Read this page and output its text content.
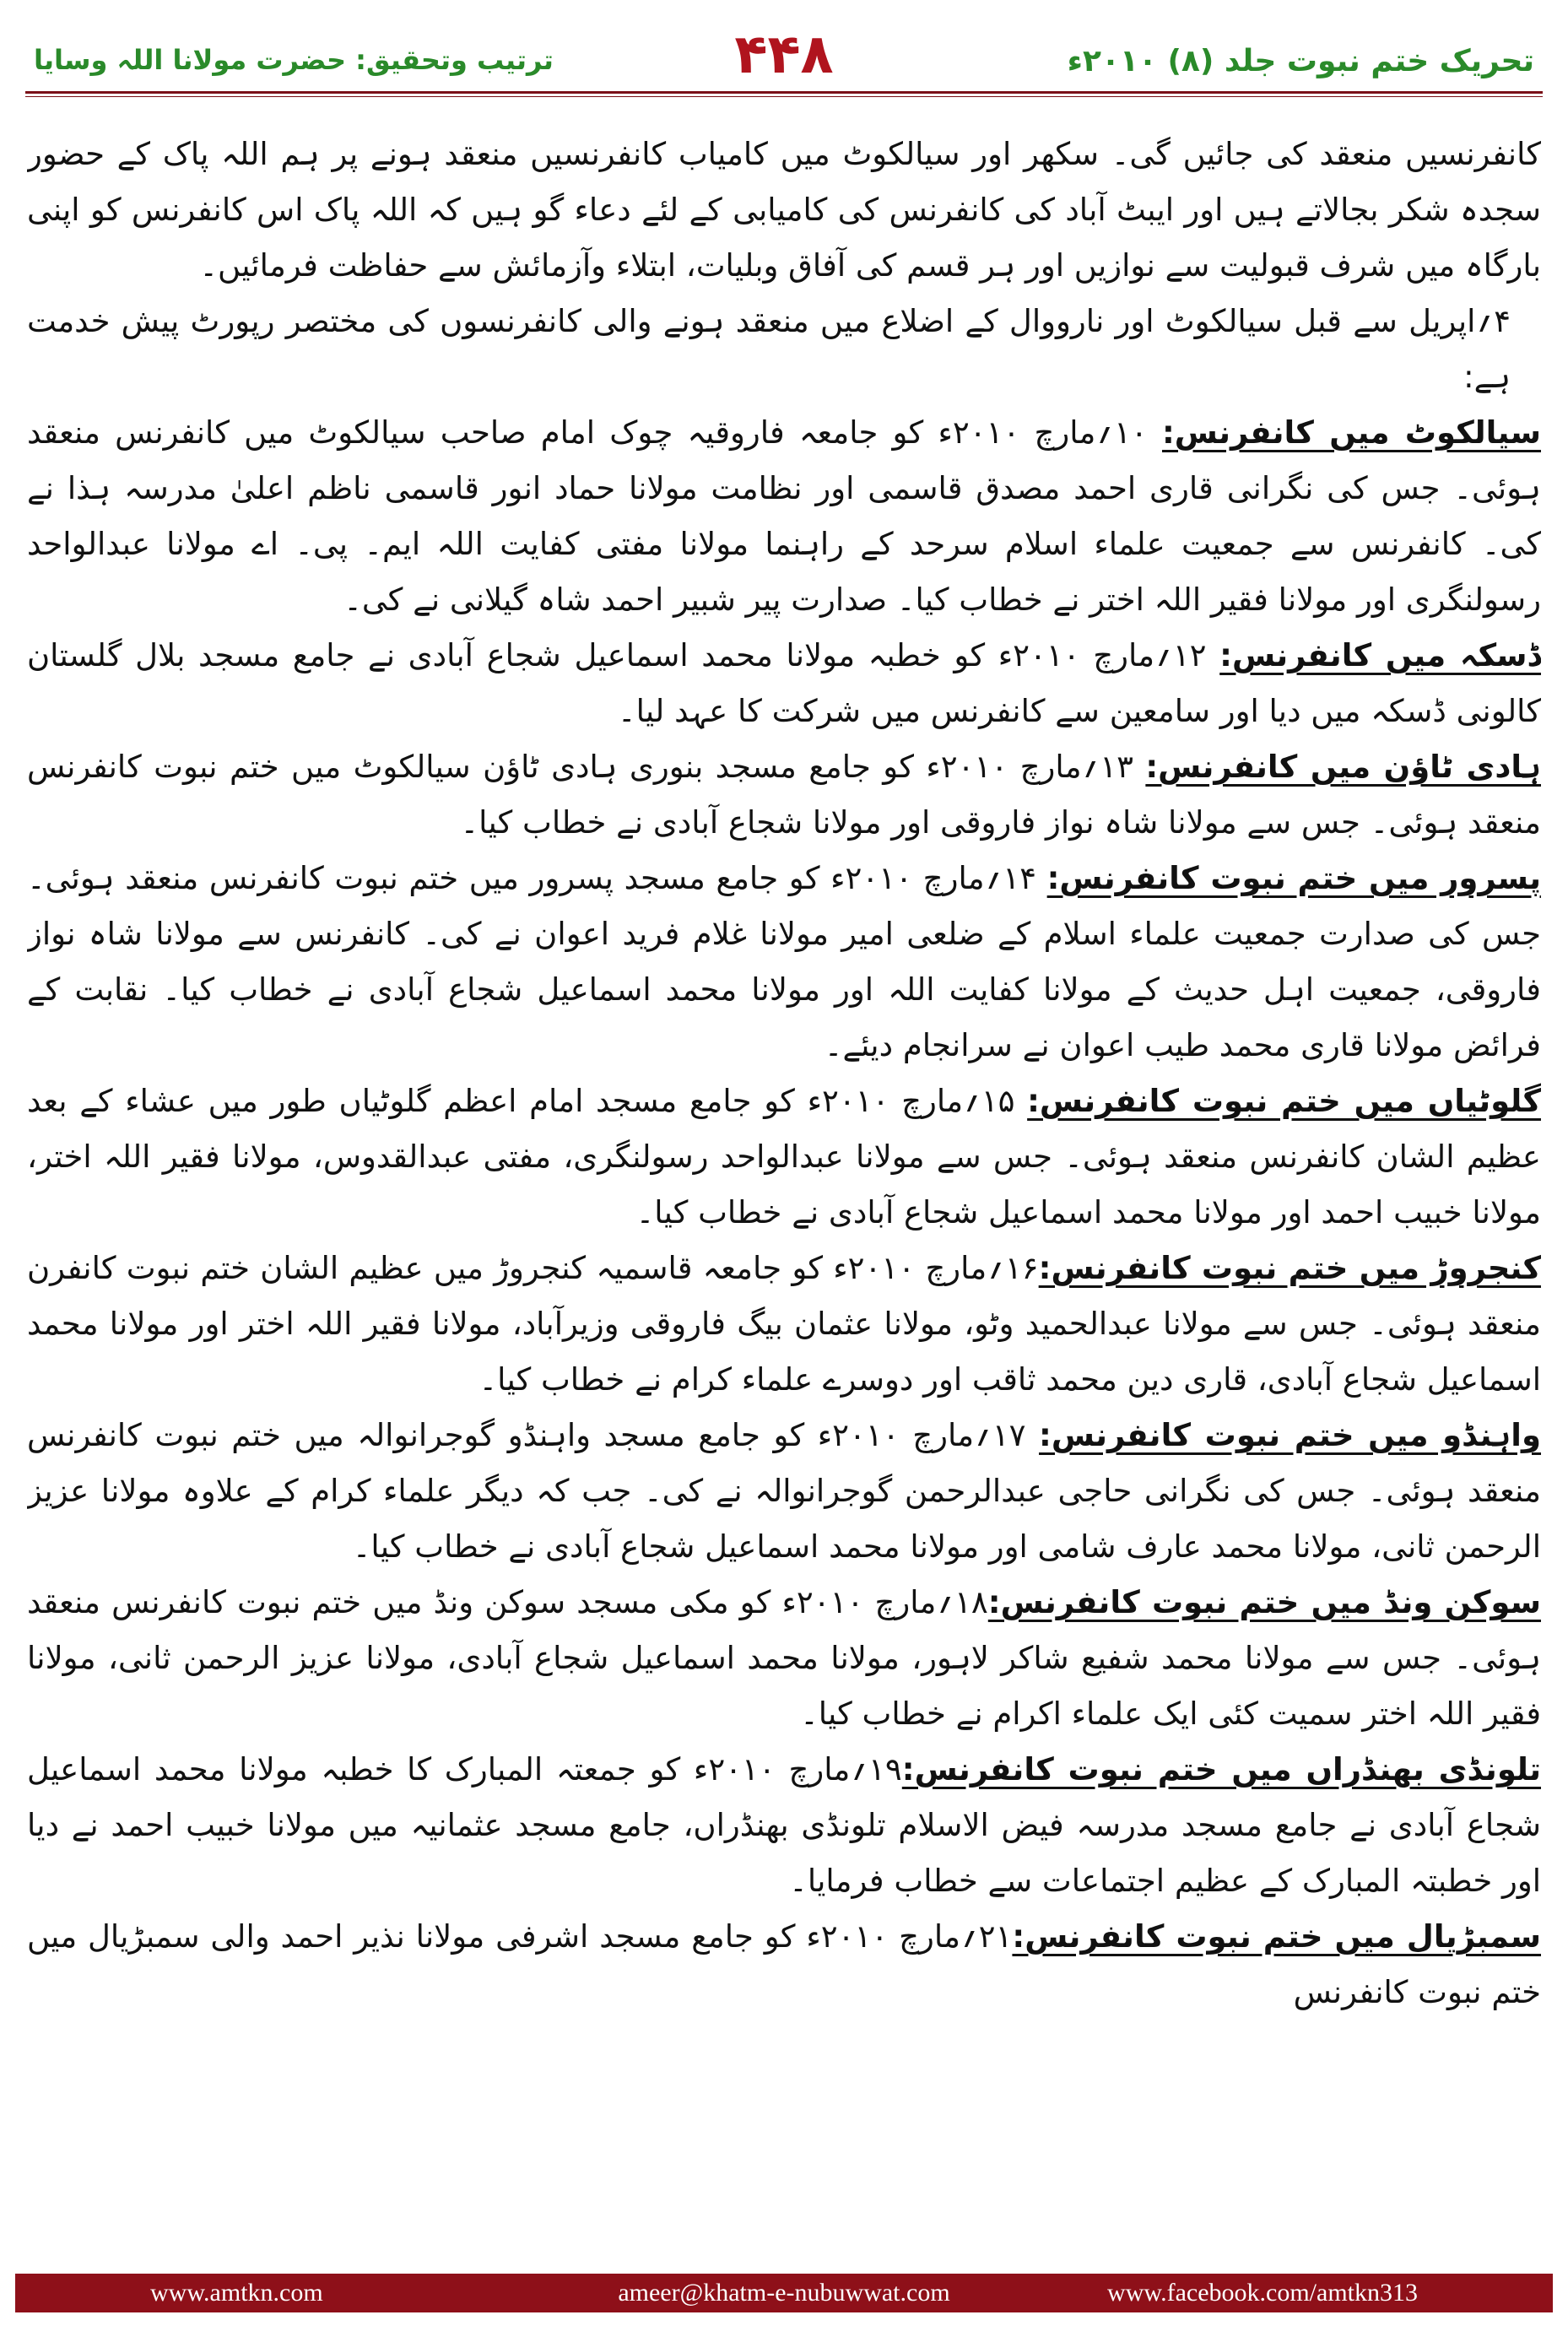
تحریک ختم نبوت جلد (۸) ۲۰۱۰ء
۴۴۸
ترتیب وتحقیق: حضرت مولانا اللہ وسایا

کانفرنسیں منعقد کی جائیں گی۔ سکھر اور سیالکوٹ میں کامیاب کانفرنسیں منعقد ہونے پر ہم اللہ پاک کے حضور سجدہ شکر بجالاتے ہیں اور ایبٹ آباد کی کانفرنس کی کامیابی کے لئے دعاء گو ہیں کہ اللہ پاک اس کانفرنس کو اپنی بارگاہ میں شرف قبولیت سے نوازیں اور ہر قسم کی آفاق وبلیات، ابتلاء وآزمائش سے حفاظت فرمائیں۔

۴؍اپریل سے قبل سیالکوٹ اور نارووال کے اضلاع میں منعقد ہونے والی کانفرنسوں کی مختصر رپورٹ پیش خدمت ہے:

سیالکوٹ میں کانفرنس: ۱۰؍مارچ ۲۰۱۰ء کو جامعہ فاروقیہ چوک امام صاحب سیالکوٹ میں کانفرنس منعقد ہوئی۔ جس کی نگرانی قاری احمد مصدق قاسمی اور نظامت مولانا حماد انور قاسمی ناظم اعلیٰ مدرسہ ہذا نے کی۔ کانفرنس سے جمعیت علماء اسلام سرحد کے راہنما مولانا مفتی کفایت اللہ ایم۔ پی۔ اے مولانا عبدالواحد رسولنگری اور مولانا فقیر اللہ اختر نے خطاب کیا۔ صدارت پیر شبیر احمد شاہ گیلانی نے کی۔

ڈسکہ میں کانفرنس: ۱۲؍مارچ ۲۰۱۰ء کو خطبہ مولانا محمد اسماعیل شجاع آبادی نے جامع مسجد بلال گلستان کالونی ڈسکہ میں دیا اور سامعین سے کانفرنس میں شرکت کا عہد لیا۔

ہادی ٹاؤن میں کانفرنس: ۱۳؍مارچ ۲۰۱۰ء کو جامع مسجد بنوری ہادی ٹاؤن سیالکوٹ میں ختم نبوت کانفرنس منعقد ہوئی۔ جس سے مولانا شاہ نواز فاروقی اور مولانا شجاع آبادی نے خطاب کیا۔

پسرور میں ختم نبوت کانفرنس: ۱۴؍مارچ ۲۰۱۰ء کو جامع مسجد پسرور میں ختم نبوت کانفرنس منعقد ہوئی۔ جس کی صدارت جمعیت علماء اسلام کے ضلعی امیر مولانا غلام فرید اعوان نے کی۔ کانفرنس سے مولانا شاہ نواز فاروقی، جمعیت اہل حدیث کے مولانا کفایت اللہ اور مولانا محمد اسماعیل شجاع آبادی نے خطاب کیا۔ نقابت کے فرائض مولانا قاری محمد طیب اعوان نے سرانجام دیئے۔

گلوٹیاں میں ختم نبوت کانفرنس: ۱۵؍مارچ ۲۰۱۰ء کو جامع مسجد امام اعظم گلوٹیاں طور میں عشاء کے بعد عظیم الشان کانفرنس منعقد ہوئی۔ جس سے مولانا عبدالواحد رسولنگری، مفتی عبدالقدوس، مولانا فقیر اللہ اختر، مولانا خبیب احمد اور مولانا محمد اسماعیل شجاع آبادی نے خطاب کیا۔

کنجروڑ میں ختم نبوت کانفرنس:۱۶؍مارچ ۲۰۱۰ء کو جامعہ قاسمیہ کنجروڑ میں عظیم الشان ختم نبوت کانفرن منعقد ہوئی۔ جس سے مولانا عبدالحمید وٹو، مولانا عثمان بیگ فاروقی وزیرآباد، مولانا فقیر اللہ اختر اور مولانا محمد اسماعیل شجاع آبادی، قاری دین محمد ثاقب اور دوسرے علماء کرام نے خطاب کیا۔

واہنڈو میں ختم نبوت کانفرنس: ۱۷؍مارچ ۲۰۱۰ء کو جامع مسجد واہنڈو گوجرانوالہ میں ختم نبوت کانفرنس منعقد ہوئی۔ جس کی نگرانی حاجی عبدالرحمن گوجرانوالہ نے کی۔ جب کہ دیگر علماء کرام کے علاوہ مولانا عزیز الرحمن ثانی، مولانا محمد عارف شامی اور مولانا محمد اسماعیل شجاع آبادی نے خطاب کیا۔

سوکن ونڈ میں ختم نبوت کانفرنس:۱۸؍مارچ ۲۰۱۰ء کو مکی مسجد سوکن ونڈ میں ختم نبوت کانفرنس منعقد ہوئی۔ جس سے مولانا محمد شفیع شاکر لاہور، مولانا محمد اسماعیل شجاع آبادی، مولانا عزیز الرحمن ثانی، مولانا فقیر اللہ اختر سمیت کئی ایک علماء اکرام نے خطاب کیا۔

تلونڈی بھنڈراں میں ختم نبوت کانفرنس:۱۹؍مارچ ۲۰۱۰ء کو جمعتہ المبارک کا خطبہ مولانا محمد اسماعیل شجاع آبادی نے جامع مسجد مدرسہ فیض الاسلام تلونڈی بھنڈراں، جامع مسجد عثمانیہ میں مولانا خبیب احمد نے دیا اور خطبتہ المبارک کے عظیم اجتماعات سے خطاب فرمایا۔

سمبڑیال میں ختم نبوت کانفرنس:۲۱؍مارچ ۲۰۱۰ء کو جامع مسجد اشرفی مولانا نذیر احمد والی سمبڑیال میں ختم نبوت کانفرنس

ameer@khatm-e-nubuwwat.com
www.amtkn.com	www.facebook.com/amtkn313
